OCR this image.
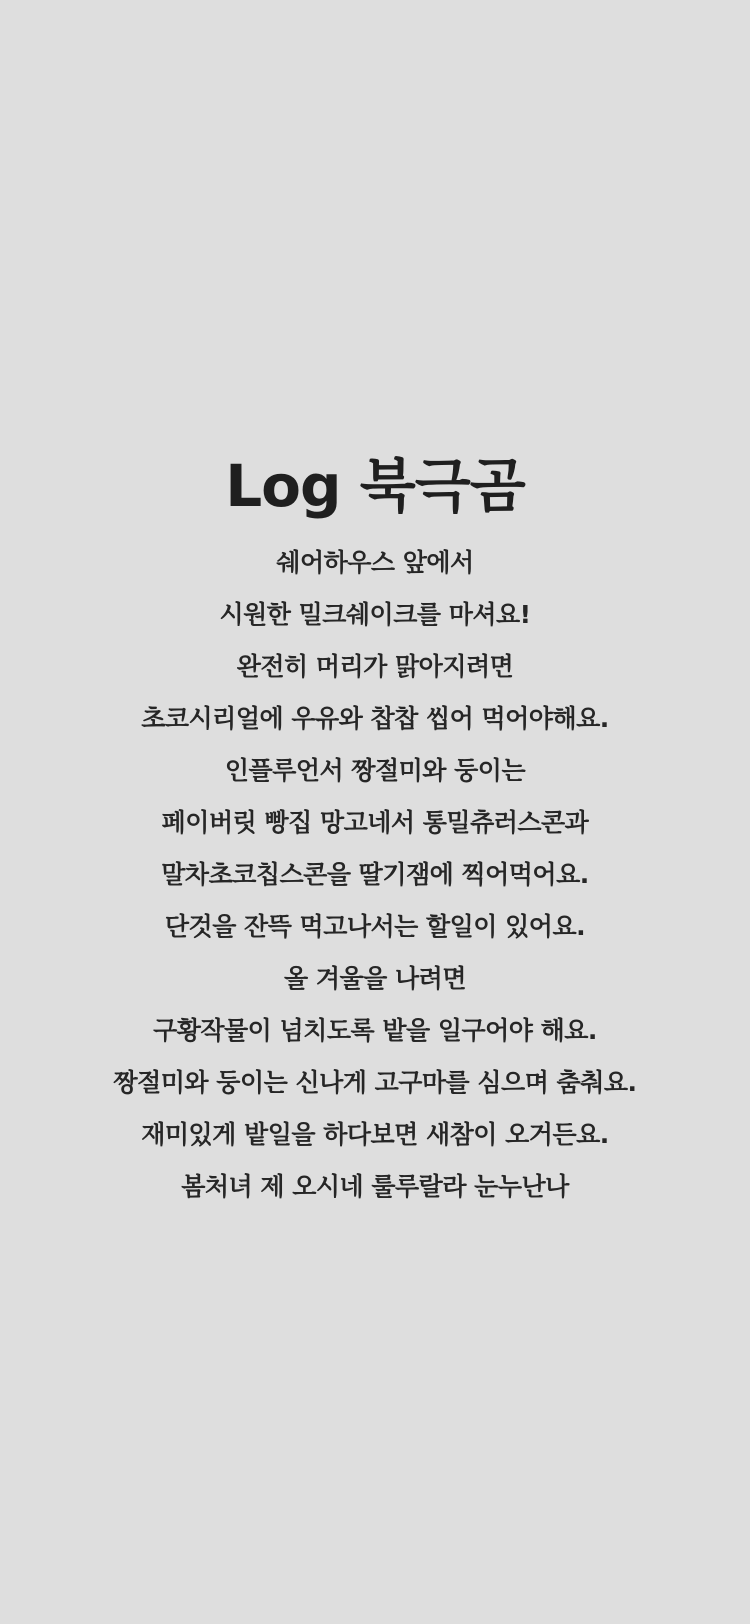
Log 북극곰
쉐어하우스 앞에서
시원한 밀크쉐이크를 마셔요!
완전히 머리가 맑아지려면
초코시리얼에 우유와 찹찹 씹어 먹어야해요.
인플루언서 짱절미와 둥이는
페이버릿 빵집 망고네서 통밀츄러스콘과
말차초코칩스콘을 딸기잼에 찍어먹어요.
단것을 잔뜩 먹고나서는 할일이 있어요.
올 겨울을 나려면
구황작물이 넘치도록 밭을 일구어야 해요.
짱절미와 둥이는 신나게 고구마를 심으며 춤춰요.
재미있게 밭일을 하다보면 새참이 오거든요.
봄처녀 제 오시네 룰루랄라 눈누난나
